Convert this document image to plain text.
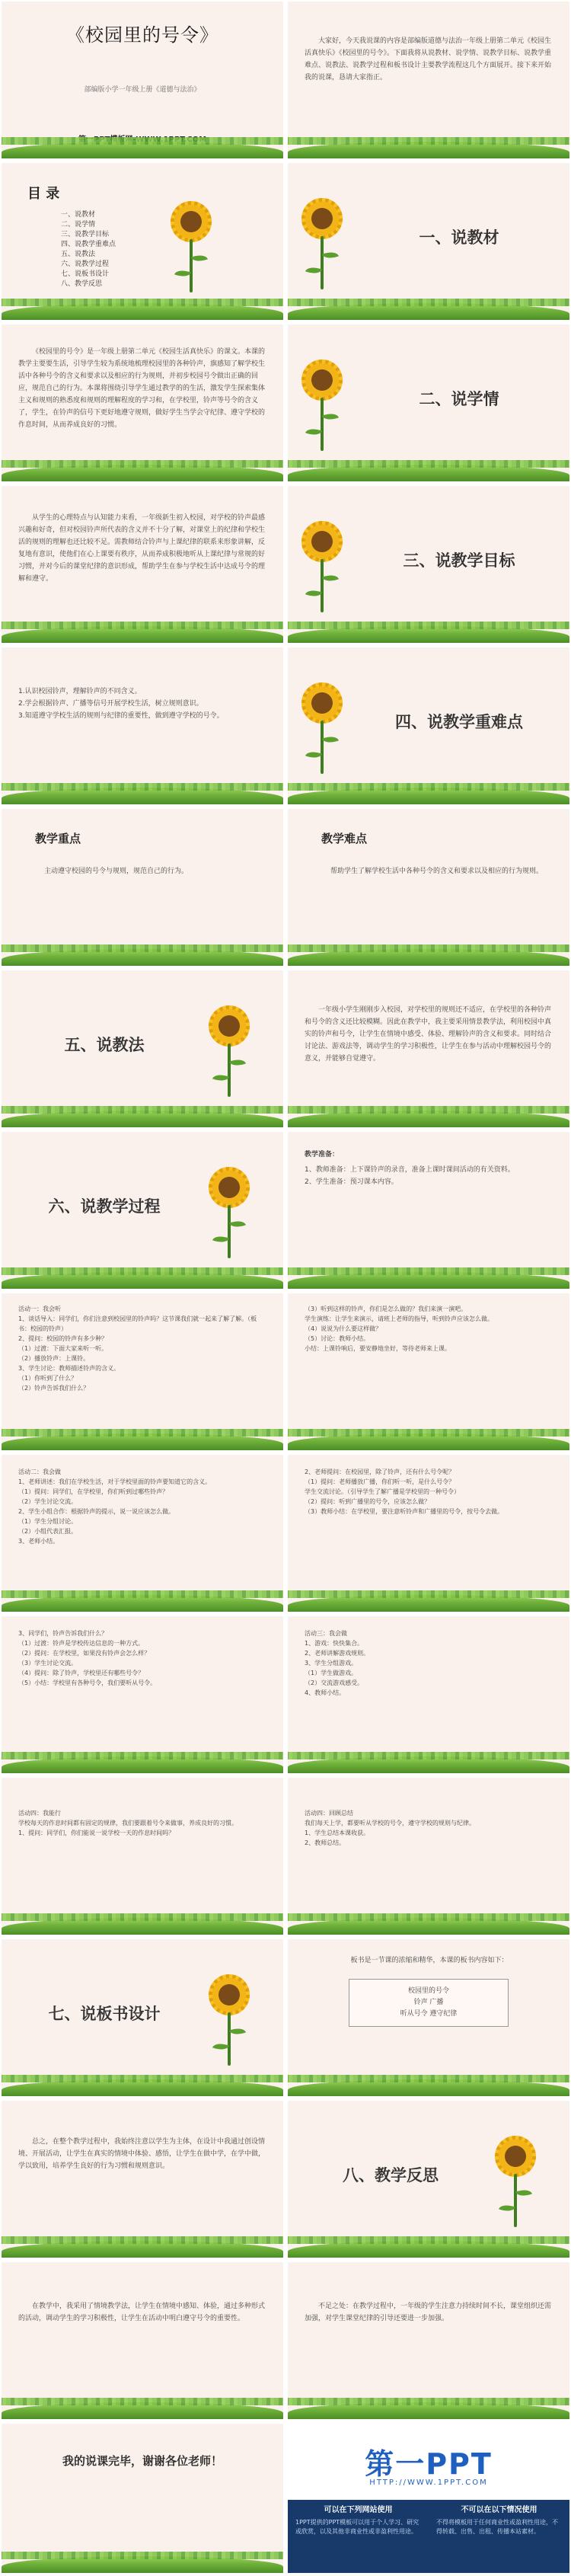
《校园里的号令》
部编版小学一年级上册《道德与法治》
大家好，今天我说课的内容是部编版道德与法治一年级上册第二单元《校园生活真快乐》《校园里的号令》。下面我将从说教材、说学情、说教学目标、说教学重难点、说教法、说教学过程和板书设计主要教学流程这几个方面展开。接下来开始我的说课，恳请大家指正。
目 录
一、说教材
二、说学情
三、说教学目标
四、说教学重难点
五、说教法
六、说教学过程
七、说板书设计
八、教学反思
一、说教材
《校园里的号令》是一年级上册第二单元《校园生活真快乐》的课文。本课的教学主要要生活，引导学生较为系统地梳理校园里的各种铃声，旗感知了解学校生活中各种号令的含义和要求以及相应的行为规则，并初步校园号令做出正确的回应，规范自己的行为。本课将围绕引导学生通过教学的的生活，激发学生探索集体主义和规则的熟悉度和规则的理解程度的学习和，在学校里，铃声等号令的含义了，学生，在铃声的信号下更好地遵守规则，做好学生当学会守纪律、遵守学校的作息时间，从而养成良好的习惯。
二、说学情
从学生的心理特点与认知能力来看，一年级新生初入校园，对学校的铃声最感兴趣和好奇，但对校园铃声所代表的含义并不十分了解，对课堂上的纪律和学校生活的规则的理解也还比较不足。需教师结合铃声与上课纪律的联系来形象讲解，反复地有意识，使他们在心上课要有秩序，从而养成积极地听从上课纪律与常规的好习惯，并对今后的课堂纪律的意识形成，帮助学生在参与学校生活中达成号令的理解和遵守。
三、说教学目标
1.认识校园铃声，理解铃声的不同含义。
2.学会根据铃声、广播等信号开展学校生活，树立规则意识。
3.知道遵守学校生活的规则与纪律的重要性，做到遵守学校的号令。	四、说教学重难点
教学重点
主动遵守校园的号令与规则，规范自己的行为。
教学难点
帮助学生了解学校生活中各种号令的含义和要求以及相应的行为规则。
五、说教法
一年级小学生刚刚步入校园，对学校里的规则还不适应，在学校里的各种铃声和号令的含义还比较模糊。因此在教学中，我主要采用情景教学法，利用校园中真实的铃声和号令，让学生在情境中感受、体验、理解铃声的含义和要求。同时结合讨论法、游戏法等，调动学生的学习积极性，让学生在参与活动中理解校园号令的意义，并能够自觉遵守。
六、说教学过程
教学准备：
1、教师准备：上下课铃声的录音，准备上课时课间活动的有关资料。
2、学生准备：预习课本内容。
活动一：我会听
1、谈话导入：同学们，你们注意到校园里的铃声吗？这节课我们就一起来了解了解。（板书：校园的铃声）
2、提问：校园的铃声有多少种？
（1）过渡：下面大家来听一听。
（2）播放铃声：上课铃。
3、学生讨论：教师描述铃声的含义。
（1）你听到了什么？
（2）铃声告诉我们什么？
（3）听到这样的铃声，你们是怎么做的？我们来演一演吧。
学生演练：让学生来演示，请班上老师的指导，听到铃声应该怎么做。
（4）说说为什么要这样做？
（5）讨论：教师小结。
小结：上课铃响后，要安静地坐好，等待老师来上课。
活动二：我会做
1、老师讲述：我们在学校生活，对于学校里面的铃声要知道它的含义。
（1）提问：同学们，在学校里，你们听到过哪些铃声？
（2）学生讨论交流。
2、学生小组合作：根据铃声的提示，说一说应该怎么做。
（1）学生分组讨论。
（2）小组代表汇报。
3、老师小结。
2、老师提问：在校园里，除了铃声，还有什么号令呢？
（1）提问：老师播放广播，你们听一听，是什么号令？
学生交流讨论。（引导学生了解广播是学校里的一种号令）
（2）提问：听到广播里的号令，应该怎么做？
（3）教师小结：在学校里，要注意听铃声和广播里的号令，按号令去做。
3、同学们，铃声告诉我们什么？
（1）过渡：铃声是学校传达信息的一种方式。
（2）提问：在学校里，如果没有铃声会怎么样？
（3）学生讨论交流。
（4）提问：除了铃声，学校里还有哪些号令？
（5）小结：学校里有各种号令，我们要听从号令。
活动三：我会做
1、游戏：快快集合。
2、老师讲解游戏规则。
3、学生分组游戏。
（1）学生做游戏。
（2）交流游戏感受。
4、教师小结。
活动四：我能行
学校每天的作息时间都有固定的规律，我们要跟着号令来做事，养成良好的习惯。
1、提问：同学们，你们能说一说学校一天的作息时间吗？
活动四：回顾总结
我们每天上学，都要听从学校的号令，遵守学校的规则与纪律。
1、学生总结本课收获。
2、教师总结。
七、说板书设计
板书是一节课的浓缩和精华，本课的板书内容如下：
校园里的号令
铃声 广播
听从号令 遵守纪律
总之，在整个教学过程中，我始终注意以学生为主体，在设计中我通过创设情境、开展活动，让学生在真实的情境中体验、感悟，让学生在做中学，在学中做，学以致用，培养学生良好的行为习惯和规则意识。	八、教学反思
在教学中，我采用了情境教学法，让学生在情境中感知、体验，通过多种形式的活动，调动学生的学习积极性，让学生在活动中明白遵守号令的重要性。
不足之处：在教学过程中，一年级的学生注意力持续时间不长，课堂组织还需加强，对学生课堂纪律的引导还要进一步加强。
我的说课完毕，谢谢各位老师！	第一PPT
HTTP://WWW.1PPT.COM
可以在下列网站使用

1PPT提供的PPT模板可以用于个人学习、研究或欣赏，以及其他非商业性或非盈利性用途。

不可以在以下情况使用

不得将模板用于任何商业性或盈利性用途，不得转载、出售、出租、传播本站素材。
